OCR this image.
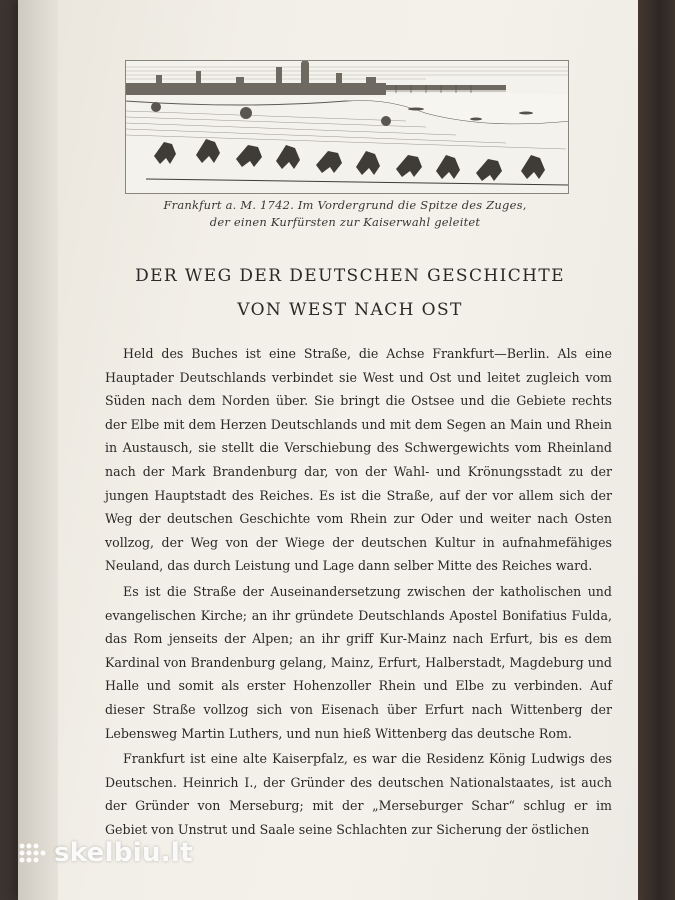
Frankfurt a. M. 1742. Im Vordergrund die Spitze des Zuges,
der einen Kurfürsten zur Kaiserwahl geleitet
DER WEG DER DEUTSCHEN GESCHICHTE
VON WEST NACH OST

Held des Buches ist eine Straße, die Achse Frankfurt—Berlin. Als eine Hauptader Deutschlands verbindet sie West und Ost und leitet zugleich vom Süden nach dem Norden über. Sie bringt die Ostsee und die Gebiete rechts der Elbe mit dem Herzen Deutschlands und mit dem Segen an Main und Rhein in Austausch, sie stellt die Verschiebung des Schwergewichts vom Rheinland nach der Mark Brandenburg dar, von der Wahl- und Krönungsstadt zu der jungen Hauptstadt des Reiches. Es ist die Straße, auf der vor allem sich der Weg der deutschen Geschichte vom Rhein zur Oder und weiter nach Osten vollzog, der Weg von der Wiege der deutschen Kultur in aufnahmefähiges Neuland, das durch Leistung und Lage dann selber Mitte des Reiches ward.

Es ist die Straße der Auseinandersetzung zwischen der katholischen und evangelischen Kirche; an ihr gründete Deutschlands Apostel Bonifatius Fulda, das Rom jenseits der Alpen; an ihr griff Kur-Mainz nach Erfurt, bis es dem Kardinal von Brandenburg gelang, Mainz, Erfurt, Halberstadt, Magdeburg und Halle und somit als erster Hohenzoller Rhein und Elbe zu verbinden. Auf dieser Straße vollzog sich von Eisenach über Erfurt nach Wittenberg der Lebensweg Martin Luthers, und nun hieß Wittenberg das deutsche Rom.

Frankfurt ist eine alte Kaiserpfalz, es war die Residenz König Ludwigs des Deutschen. Heinrich I., der Gründer des deutschen Nationalstaates, ist auch der Gründer von Merseburg; mit der „Merseburger Schar“ schlug er im Gebiet von Unstrut und Saale seine Schlachten zur Sicherung der östlichen

skelbiu.lt
